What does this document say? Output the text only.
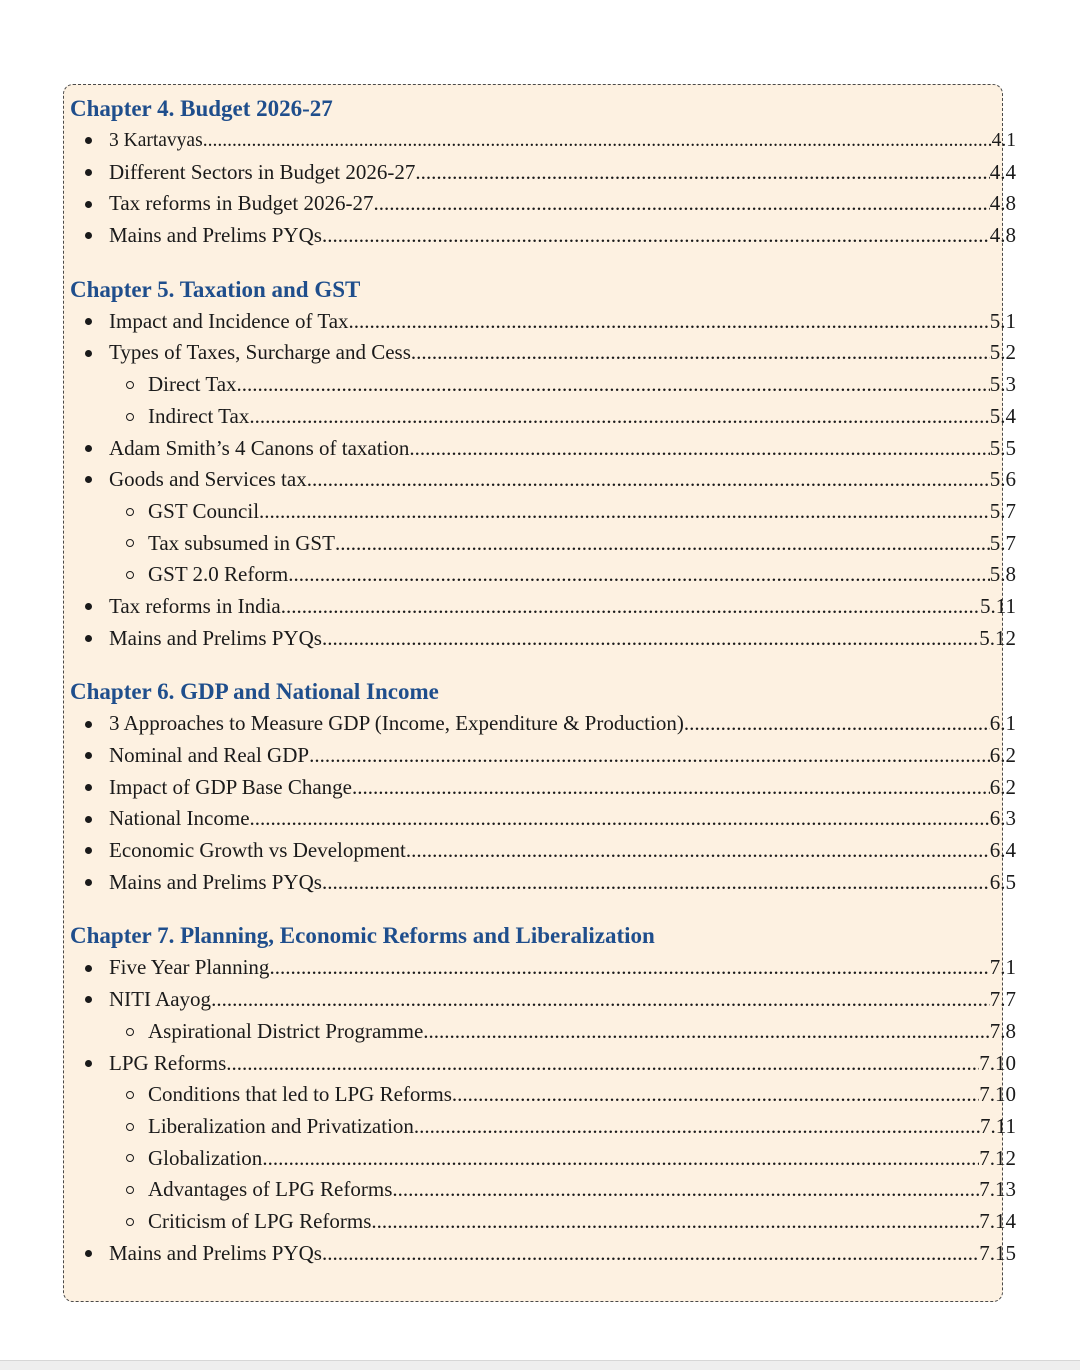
Chapter 4. Budget 2026-27
3 Kartavyas .....	4.1
Different Sectors in Budget 2026-27 .....	4.4
Tax reforms in Budget 2026-27 .....	4.8
Mains and Prelims PYQs .....	4.8
Chapter 5. Taxation and GST
Impact and Incidence of Tax .....	5.1
Types of Taxes, Surcharge and Cess .....	5.2
Direct Tax .....	5.3
Indirect Tax .....	5.4
Adam Smith’s 4 Canons of taxation .....	5.5
Goods and Services tax .....	5.6
GST Council .....	5.7
Tax subsumed in GST .....	5.7
GST 2.0 Reform .....	5.8
Tax reforms in India .....	5.11
Mains and Prelims PYQs .....	5.12
Chapter 6. GDP and National Income
3 Approaches to Measure GDP (Income, Expenditure & Production) .....	6.1
Nominal and Real GDP .....	6.2
Impact of GDP Base Change .....	6.2
National Income .....	6.3
Economic Growth vs Development .....	6.4
Mains and Prelims PYQs .....	6.5
Chapter 7. Planning, Economic Reforms and Liberalization
Five Year Planning .....	7.1
NITI Aayog .....	7.7
Aspirational District Programme .....	7.8
LPG Reforms .....	7.10
Conditions that led to LPG Reforms .....	7.10
Liberalization and Privatization .....	7.11
Globalization .....	7.12
Advantages of LPG Reforms .....	7.13
Criticism of LPG Reforms .....	7.14
Mains and Prelims PYQs .....	7.15
